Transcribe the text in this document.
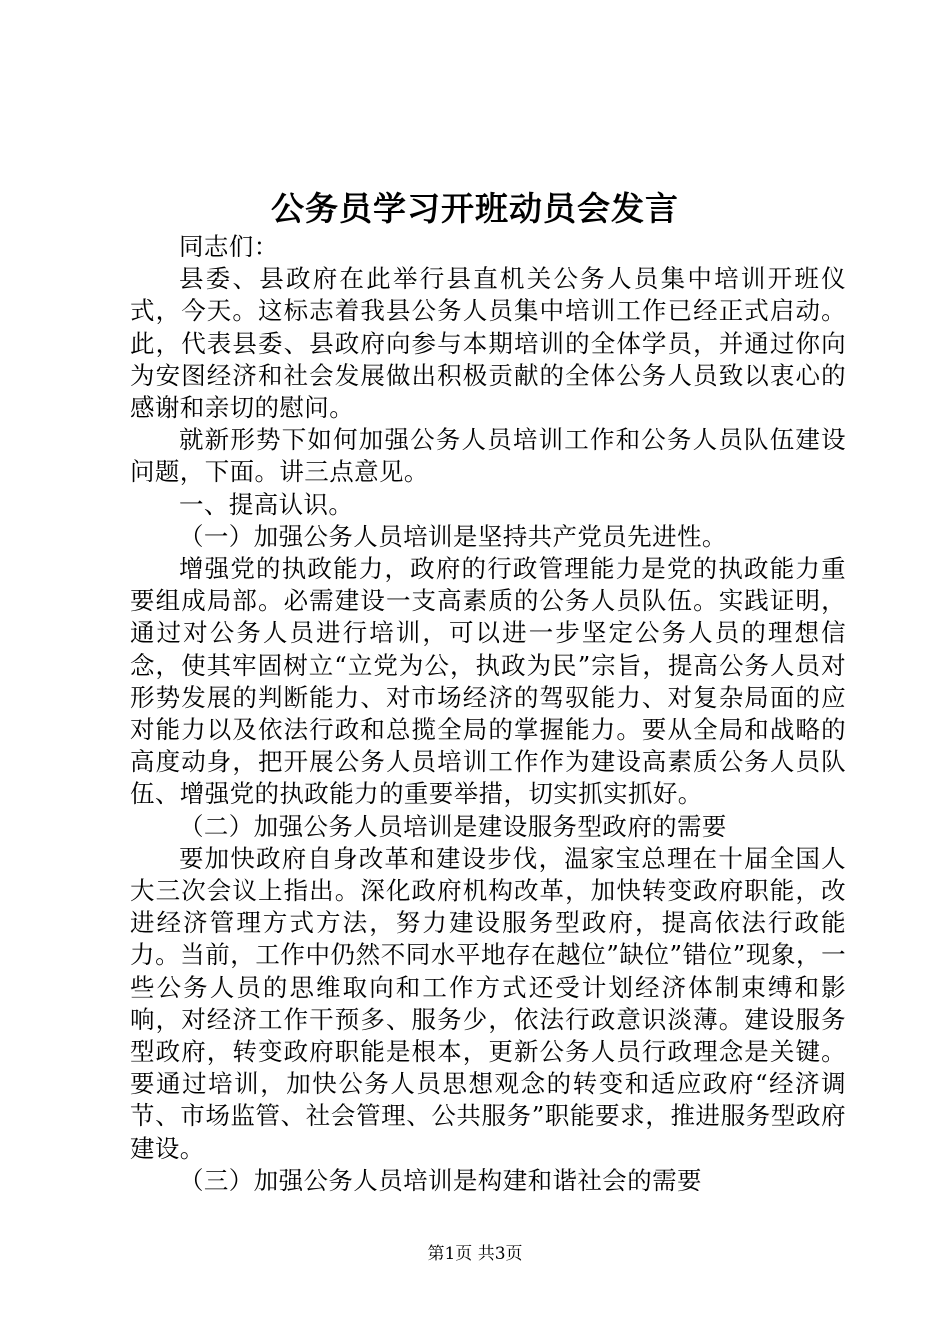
公务员学习开班动员会发言

同志们：

县委、县政府在此举行县直机关公务人员集中培训开班仪式，今天。这标志着我县公务人员集中培训工作已经正式启动。此，代表县委、县政府向参与本期培训的全体学员，并通过你向为安图经济和社会发展做出积极贡献的全体公务人员致以衷心的感谢和亲切的慰问。

就新形势下如何加强公务人员培训工作和公务人员队伍建设问题，下面。讲三点意见。

一、提高认识。

（一）加强公务人员培训是坚持共产党员先进性。

增强党的执政能力，政府的行政管理能力是党的执政能力重要组成局部。必需建设一支高素质的公务人员队伍。实践证明，通过对公务人员进行培训，可以进一步坚定公务人员的理想信念，使其牢固树立“立党为公，执政为民”宗旨，提高公务人员对形势发展的判断能力、对市场经济的驾驭能力、对复杂局面的应对能力以及依法行政和总揽全局的掌握能力。要从全局和战略的高度动身，把开展公务人员培训工作作为建设高素质公务人员队伍、增强党的执政能力的重要举措，切实抓实抓好。

（二）加强公务人员培训是建设服务型政府的需要

要加快政府自身改革和建设步伐，温家宝总理在十届全国人大三次会议上指出。深化政府机构改革，加快转变政府职能，改进经济管理方式方法，努力建设服务型政府，提高依法行政能力。当前，工作中仍然不同水平地存在越位”缺位”错位”现象，一些公务人员的思维取向和工作方式还受计划经济体制束缚和影响，对经济工作干预多、服务少，依法行政意识淡薄。建设服务型政府，转变政府职能是根本，更新公务人员行政理念是关键。要通过培训，加快公务人员思想观念的转变和适应政府“经济调节、市场监管、社会管理、公共服务”职能要求，推进服务型政府建设。

（三）加强公务人员培训是构建和谐社会的需要

第1页 共3页
